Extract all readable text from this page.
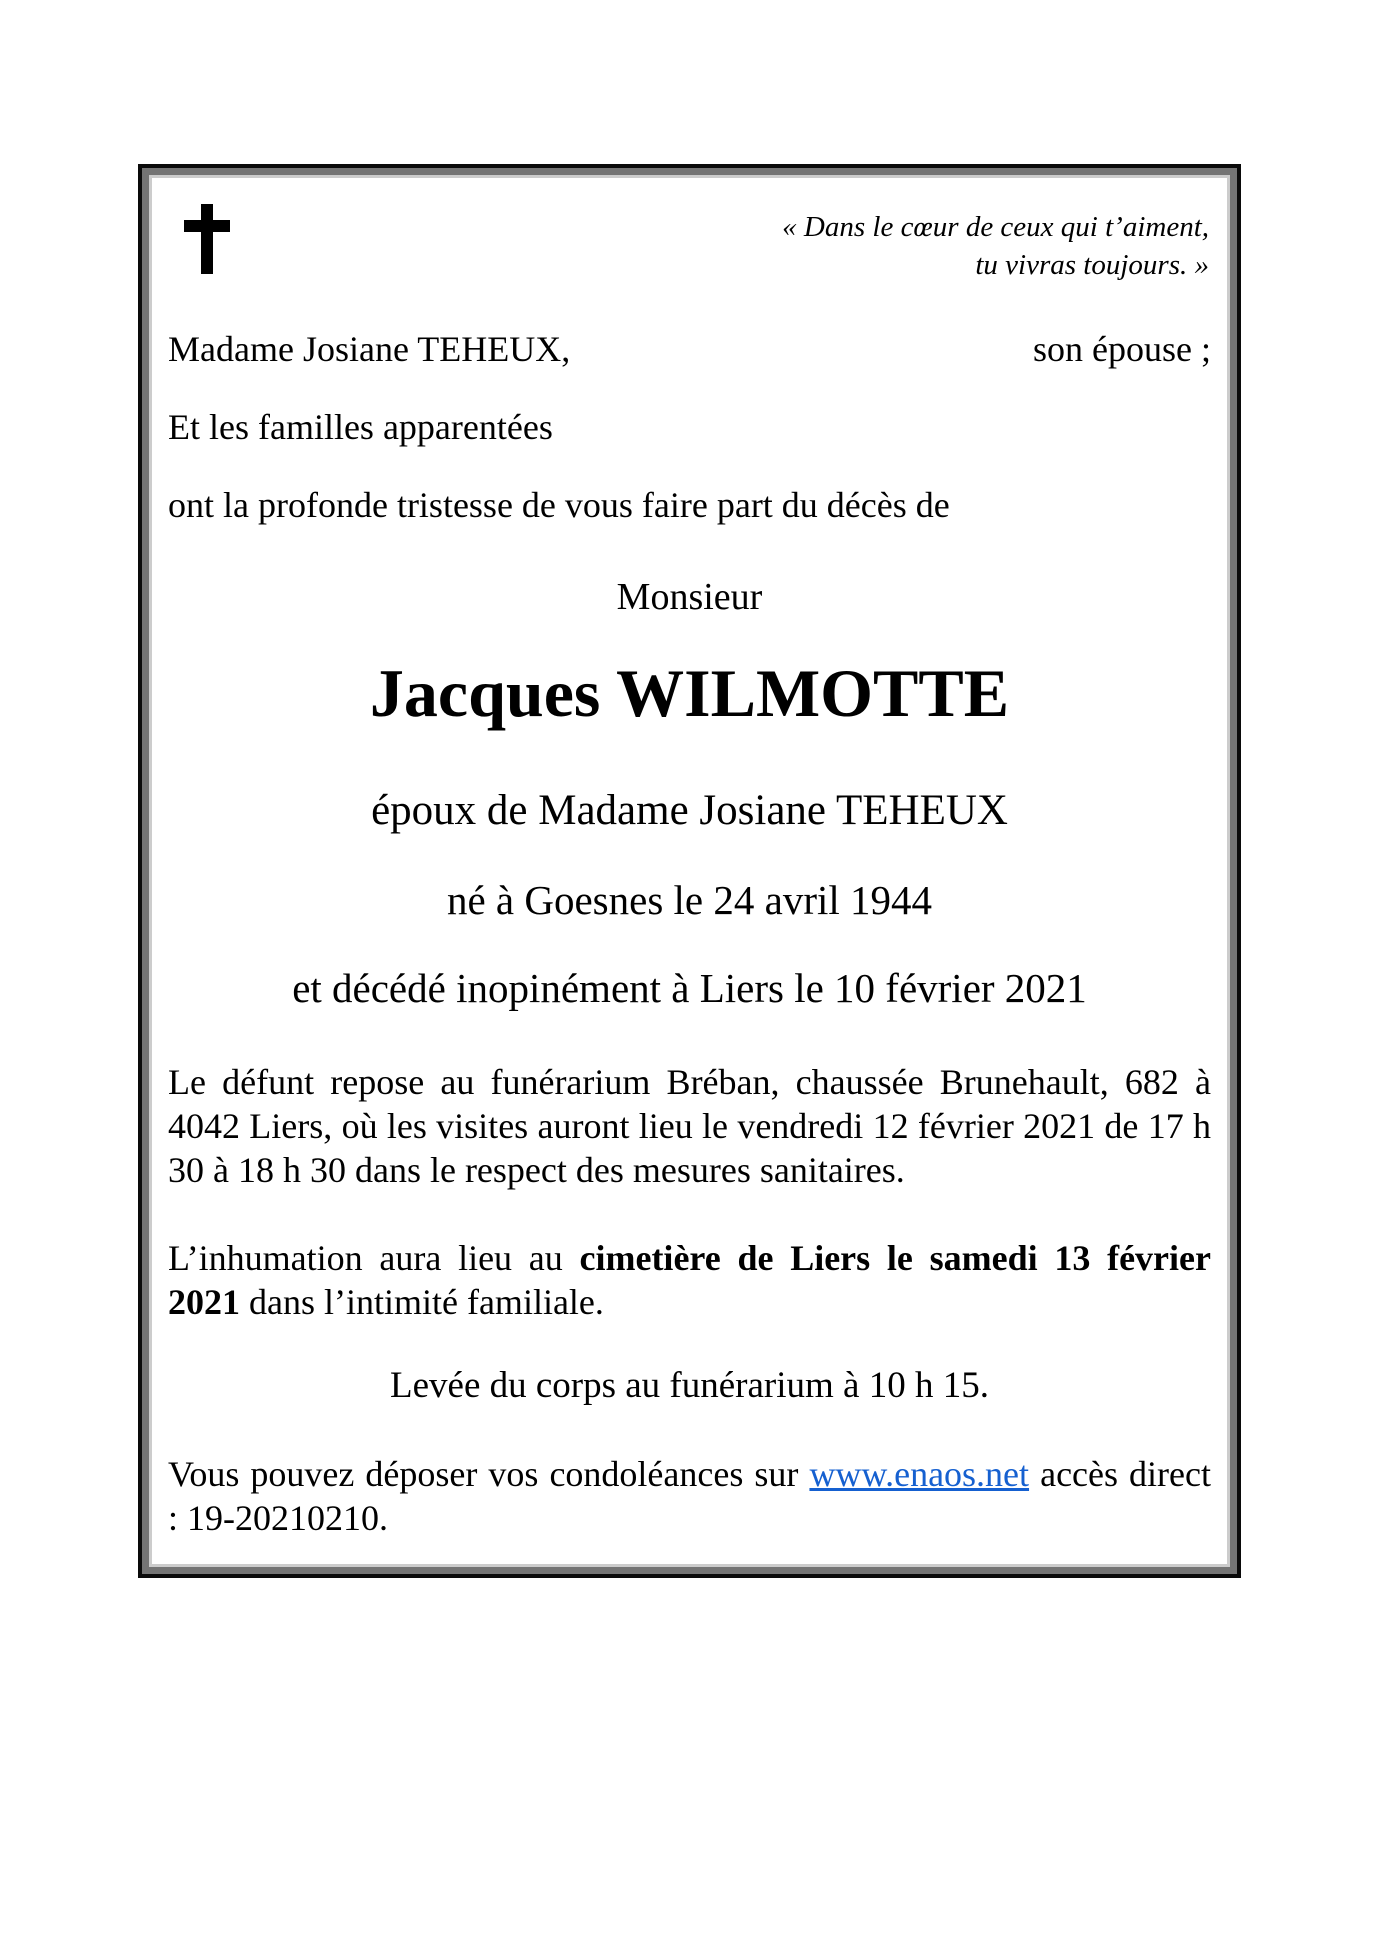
« Dans le cœur de ceux qui t’aiment,
tu vivras toujours. »
Madame Josiane TEHEUX,	son épouse ;
Et les familles apparentées
ont la profonde tristesse de vous faire part du décès de
Monsieur
Jacques WILMOTTE
époux de Madame Josiane TEHEUX
né à Goesnes le 24 avril 1944
et décédé inopinément à Liers le 10 février 2021
Le défunt repose au funérarium Bréban, chaussée Brunehault, 682 à 4042 Liers, où les visites auront lieu le vendredi 12 février 2021 de 17 h 30 à 18 h 30 dans le respect des mesures sanitaires.
L’inhumation aura lieu au cimetière de Liers le samedi 13 février 2021 dans l’intimité familiale.
Levée du corps au funérarium à 10 h 15.
Vous pouvez déposer vos condoléances sur www.enaos.net accès direct : 19-20210210.
